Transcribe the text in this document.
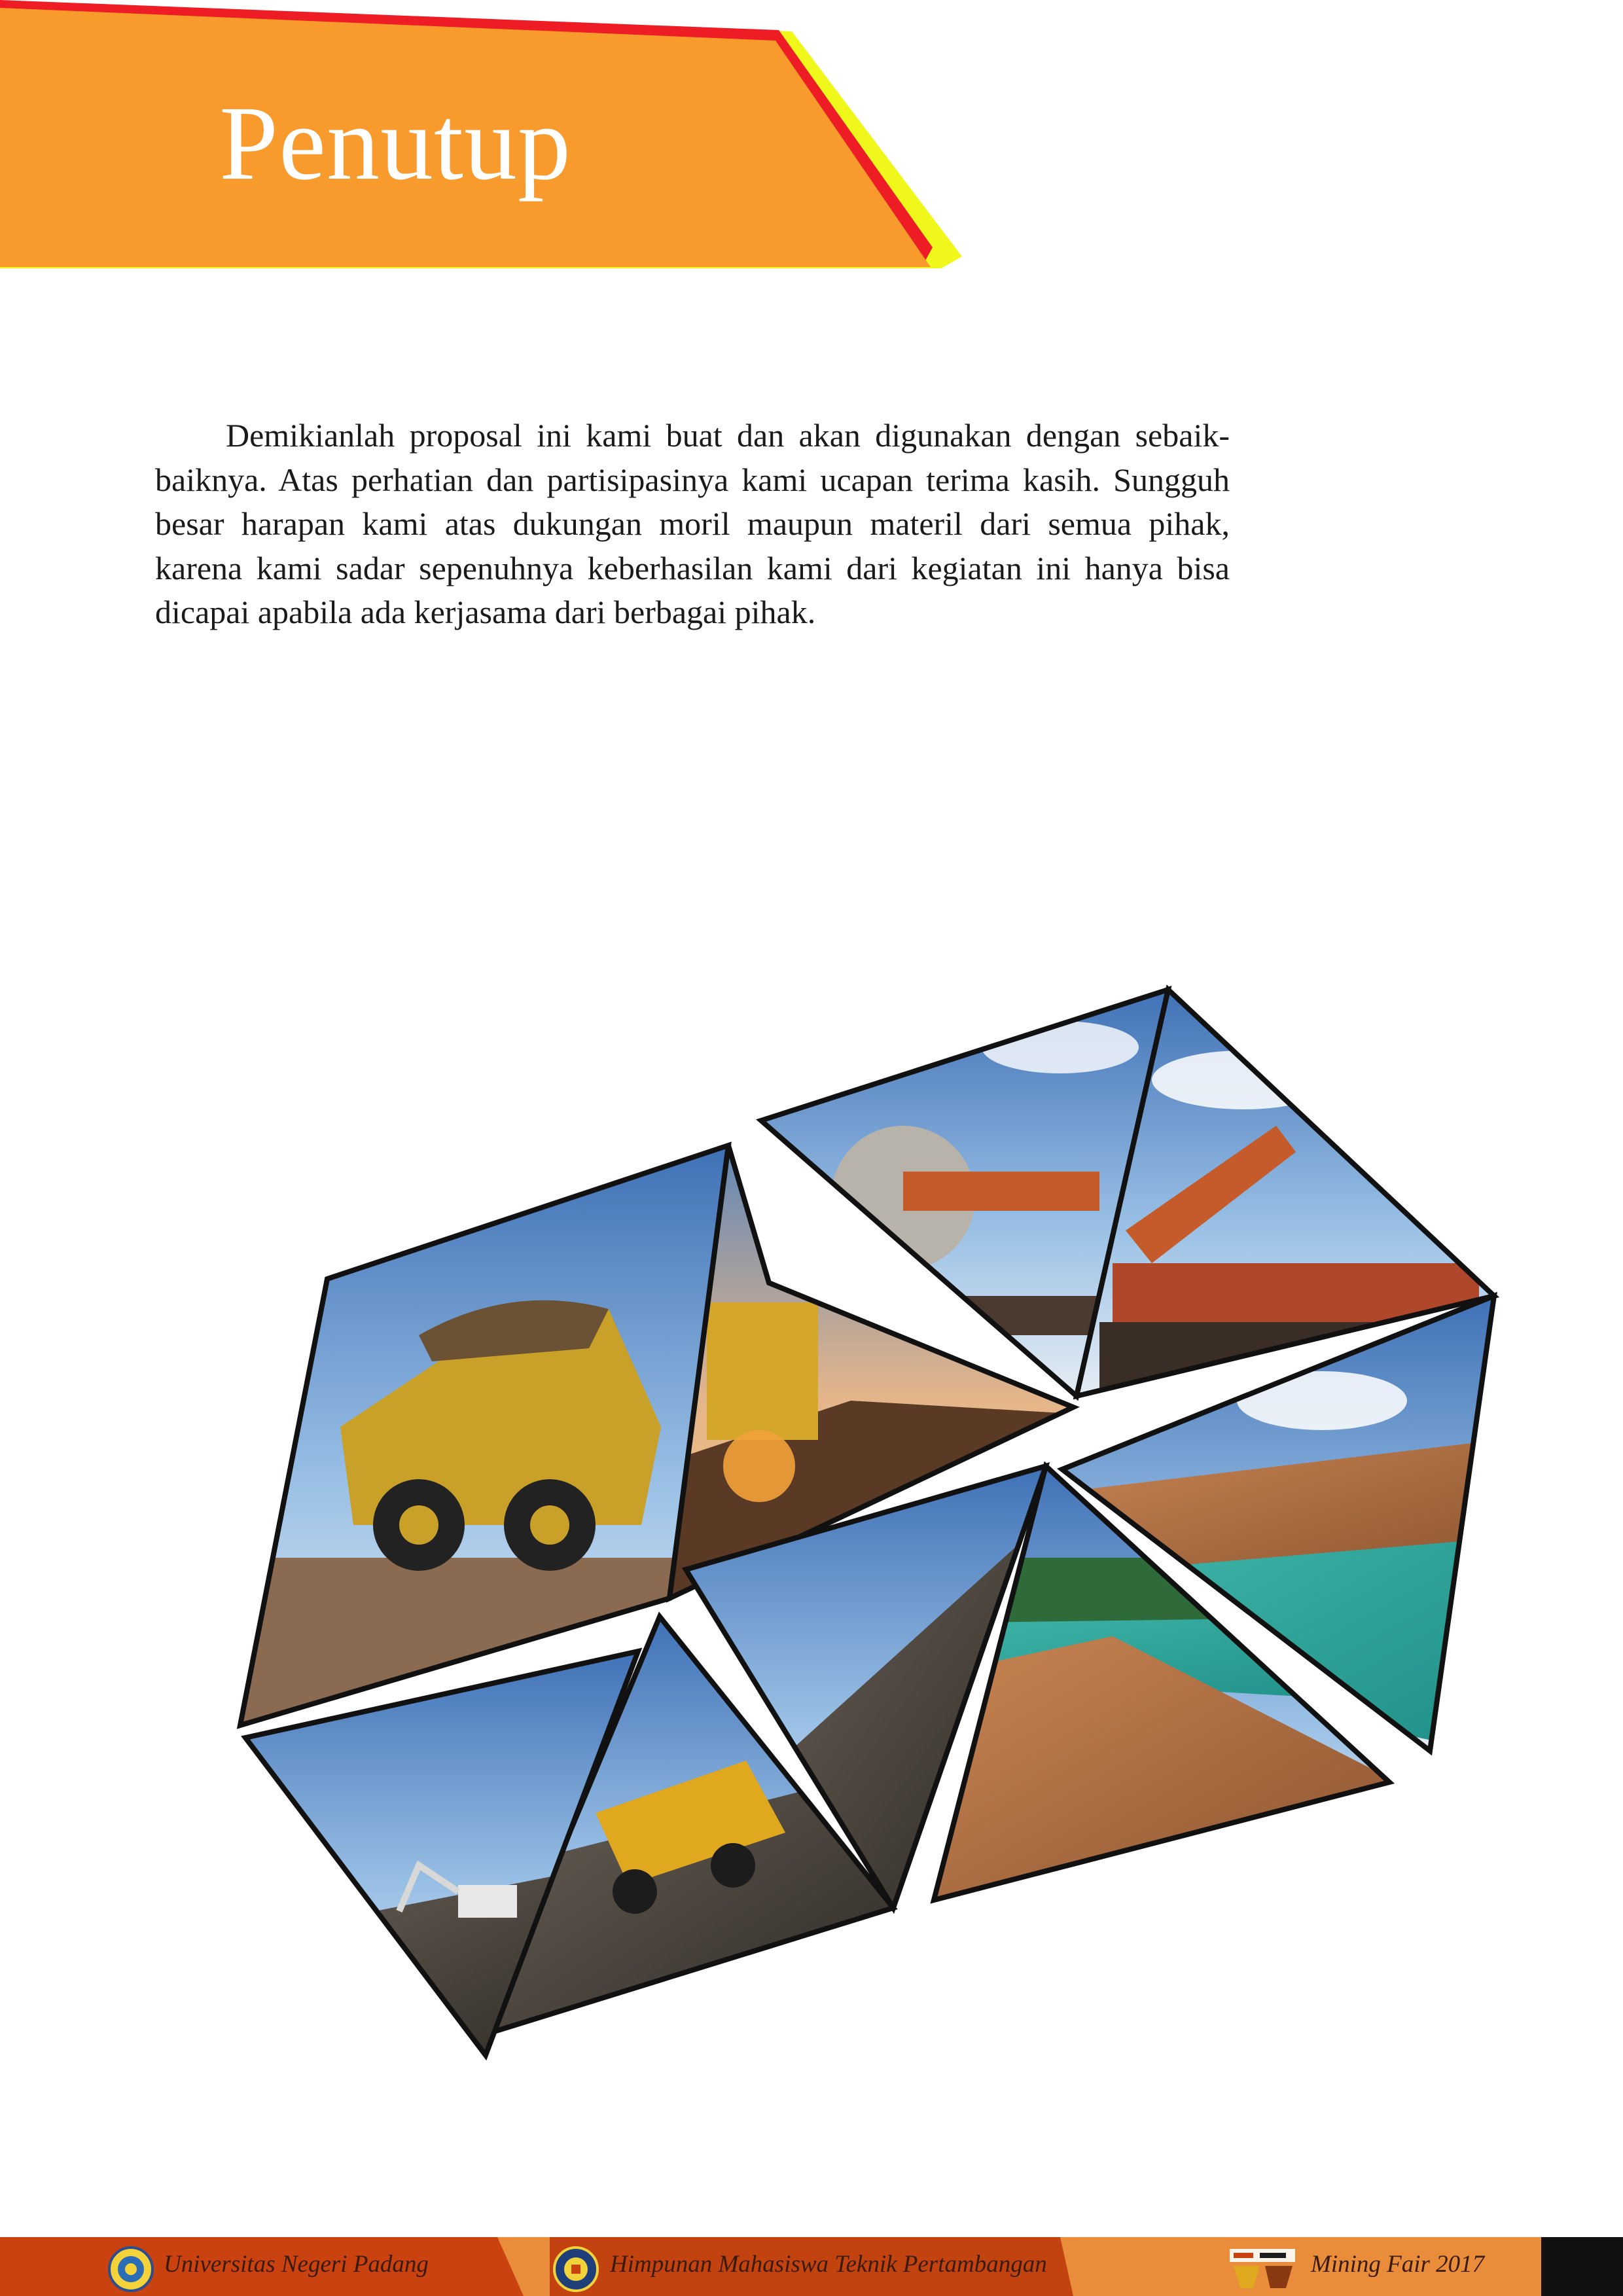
Penutup

Demikianlah proposal ini kami buat dan akan digunakan dengan sebaik-baiknya. Atas perhatian dan partisipasinya kami ucapan terima kasih. Sungguh besar harapan kami atas dukungan moril maupun materil dari semua pihak, karena kami sadar sepenuhnya keberhasilan kami dari kegiatan ini hanya bisa dicapai apabila ada kerjasama dari berbagai pihak.

Universitas Negeri Padang	Himpunan Mahasiswa Teknik Pertambangan	Mining Fair 2017
